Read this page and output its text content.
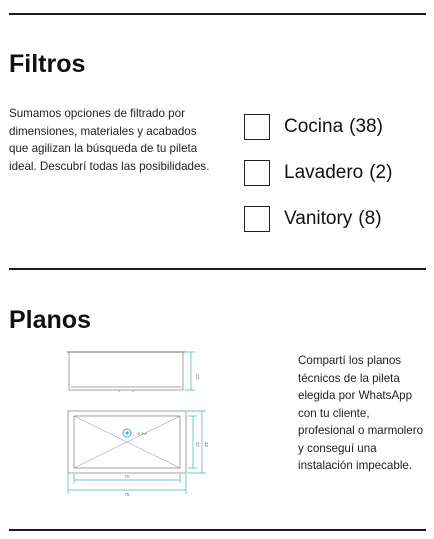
Filtros
Sumamos opciones de filtrado por dimensiones, materiales y acabados que agilizan la búsqueda de tu pileta ideal. Descubrí todas las posibilidades.
Cocina (38)
Lavadero (2)
Vanitory (8)
Planos
22
Ø 8,9
37 42
70
75
Compartí los planos técnicos de la pileta elegida por WhatsApp con tu cliente, profesional o marmolero y conseguí una instalación impecable.
